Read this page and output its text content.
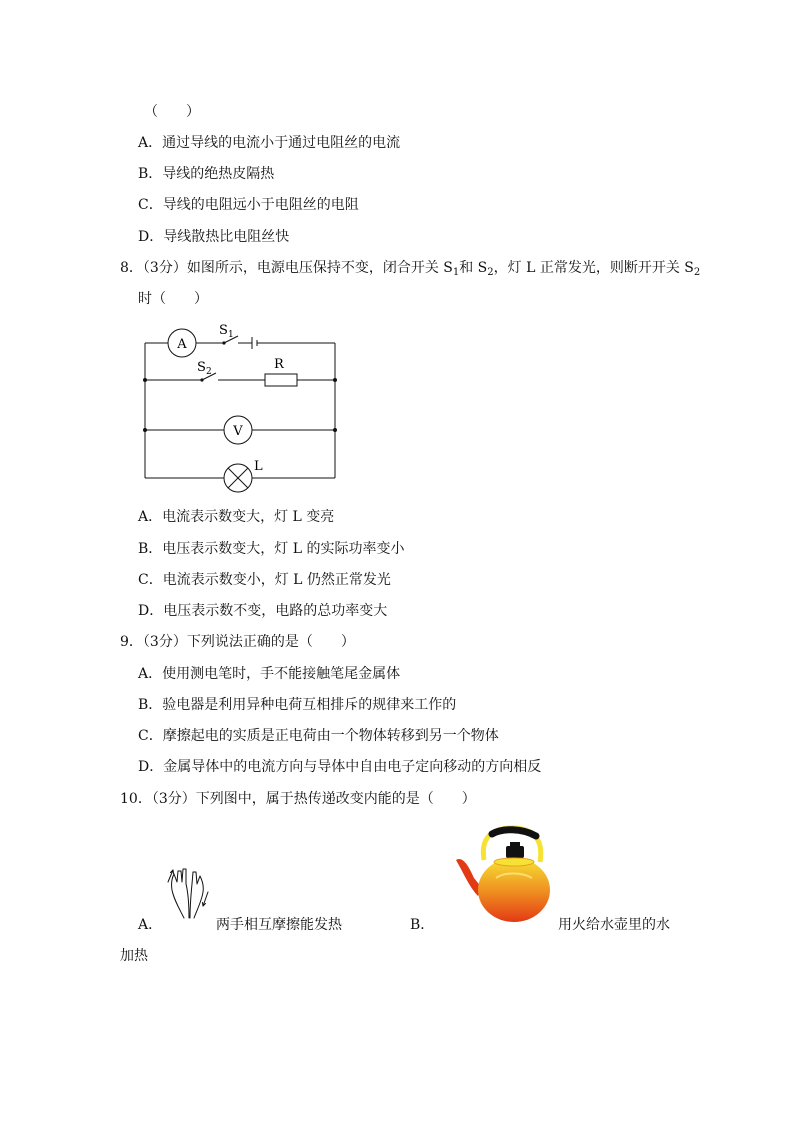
（　　）
A．通过导线的电流小于通过电阻丝的电流
B．导线的绝热皮隔热
C．导线的电阻远小于电阻丝的电阻
D．导线散热比电阻丝快
8．（3分）如图所示，电源电压保持不变，闭合开关 $S_1$和 $S_2$，灯 L 正常发光，则断开开关 $S_2$
时（　　）
A
V
L
S 1
S 2	R
A．电流表示数变大，灯 L 变亮
B．电压表示数变大，灯 L 的实际功率变小
C．电流表示数变小，灯 L 仍然正常发光
D．电压表示数不变，电路的总功率变大
9．（3分）下列说法正确的是（　　）
A．使用测电笔时，手不能接触笔尾金属体
B．验电器是利用异种电荷互相排斥的规律来工作的
C．摩擦起电的实质是正电荷由一个物体转移到另一个物体
D．金属导体中的电流方向与导体中自由电子定向移动的方向相反
10．（3分）下列图中，属于热传递改变内能的是（　　）
A．	两手相互摩擦能发热	B．	用火给水壶里的水
加热
